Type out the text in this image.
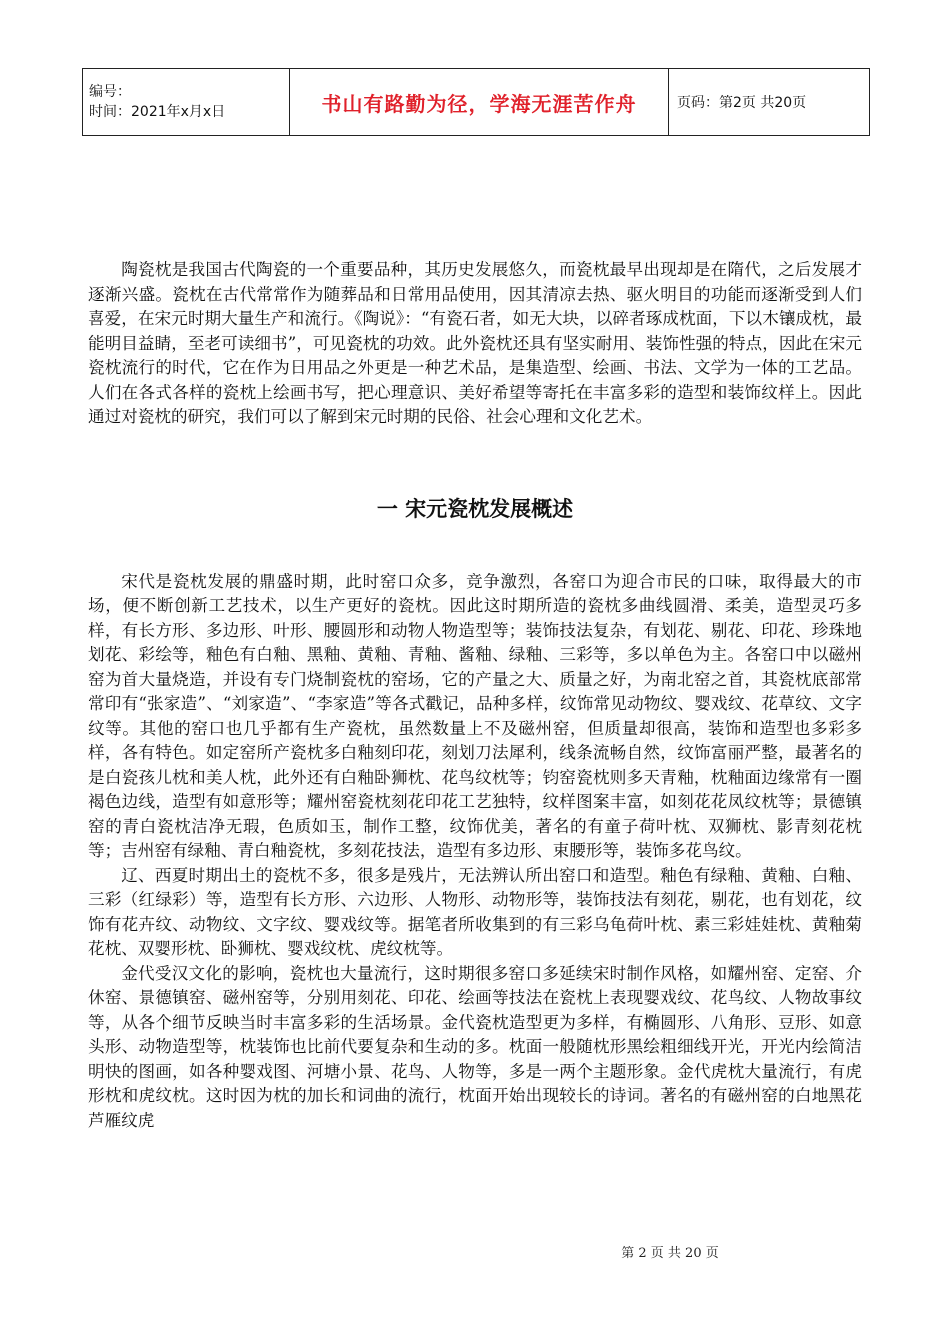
编号：
时间：2021年x月x日	书山有路勤为径，学海无涯苦作舟	页码：第2页 共20页

陶瓷枕是我国古代陶瓷的一个重要品种，其历史发展悠久，而瓷枕最早出现却是在隋代，之后发展才逐渐兴盛。瓷枕在古代常常作为随葬品和日常用品使用，因其清凉去热、驱火明目的功能而逐渐受到人们喜爱，在宋元时期大量生产和流行。《陶说》：“有瓷石者，如无大块，以碎者琢成枕面，下以木镶成枕，最能明目益睛，至老可读细书”，可见瓷枕的功效。此外瓷枕还具有坚实耐用、装饰性强的特点，因此在宋元瓷枕流行的时代，它在作为日用品之外更是一种艺术品，是集造型、绘画、书法、文学为一体的工艺品。人们在各式各样的瓷枕上绘画书写，把心理意识、美好希望等寄托在丰富多彩的造型和装饰纹样上。因此通过对瓷枕的研究，我们可以了解到宋元时期的民俗、社会心理和文化艺术。

一 宋元瓷枕发展概述

宋代是瓷枕发展的鼎盛时期，此时窑口众多，竞争激烈，各窑口为迎合市民的口味，取得最大的市场，便不断创新工艺技术，以生产更好的瓷枕。因此这时期所造的瓷枕多曲线圆滑、柔美，造型灵巧多样，有长方形、多边形、叶形、腰圆形和动物人物造型等；装饰技法复杂，有划花、剔花、印花、珍珠地划花、彩绘等，釉色有白釉、黑釉、黄釉、青釉、酱釉、绿釉、三彩等，多以单色为主。各窑口中以磁州窑为首大量烧造，并设有专门烧制瓷枕的窑场，它的产量之大、质量之好，为南北窑之首，其瓷枕底部常常印有“张家造”、“刘家造”、“李家造”等各式戳记，品种多样，纹饰常见动物纹、婴戏纹、花草纹、文字纹等。其他的窑口也几乎都有生产瓷枕，虽然数量上不及磁州窑，但质量却很高，装饰和造型也多彩多样，各有特色。如定窑所产瓷枕多白釉刻印花，刻划刀法犀利，线条流畅自然，纹饰富丽严整，最著名的是白瓷孩儿枕和美人枕，此外还有白釉卧狮枕、花鸟纹枕等；钧窑瓷枕则多天青釉，枕釉面边缘常有一圈褐色边线，造型有如意形等；耀州窑瓷枕刻花印花工艺独特，纹样图案丰富，如刻花花凤纹枕等；景德镇窑的青白瓷枕洁净无瑕，色质如玉，制作工整，纹饰优美，著名的有童子荷叶枕、双狮枕、影青刻花枕等；吉州窑有绿釉、青白釉瓷枕，多刻花技法，造型有多边形、束腰形等，装饰多花鸟纹。

辽、西夏时期出土的瓷枕不多，很多是残片，无法辨认所出窑口和造型。釉色有绿釉、黄釉、白釉、三彩（红绿彩）等，造型有长方形、六边形、人物形、动物形等，装饰技法有刻花，剔花，也有划花，纹饰有花卉纹、动物纹、文字纹、婴戏纹等。据笔者所收集到的有三彩乌龟荷叶枕、素三彩娃娃枕、黄釉菊花枕、双婴形枕、卧狮枕、婴戏纹枕、虎纹枕等。

金代受汉文化的影响，瓷枕也大量流行，这时期很多窑口多延续宋时制作风格，如耀州窑、定窑、介休窑、景德镇窑、磁州窑等，分别用刻花、印花、绘画等技法在瓷枕上表现婴戏纹、花鸟纹、人物故事纹等，从各个细节反映当时丰富多彩的生活场景。金代瓷枕造型更为多样，有椭圆形、八角形、豆形、如意头形、动物造型等，枕装饰也比前代要复杂和生动的多。枕面一般随枕形黑绘粗细线开光，开光内绘简洁明快的图画，如各种婴戏图、河塘小景、花鸟、人物等，多是一两个主题形象。金代虎枕大量流行，有虎形枕和虎纹枕。这时因为枕的加长和词曲的流行，枕面开始出现较长的诗词。著名的有磁州窑的白地黑花芦雁纹虎

第 2 页 共 20 页
